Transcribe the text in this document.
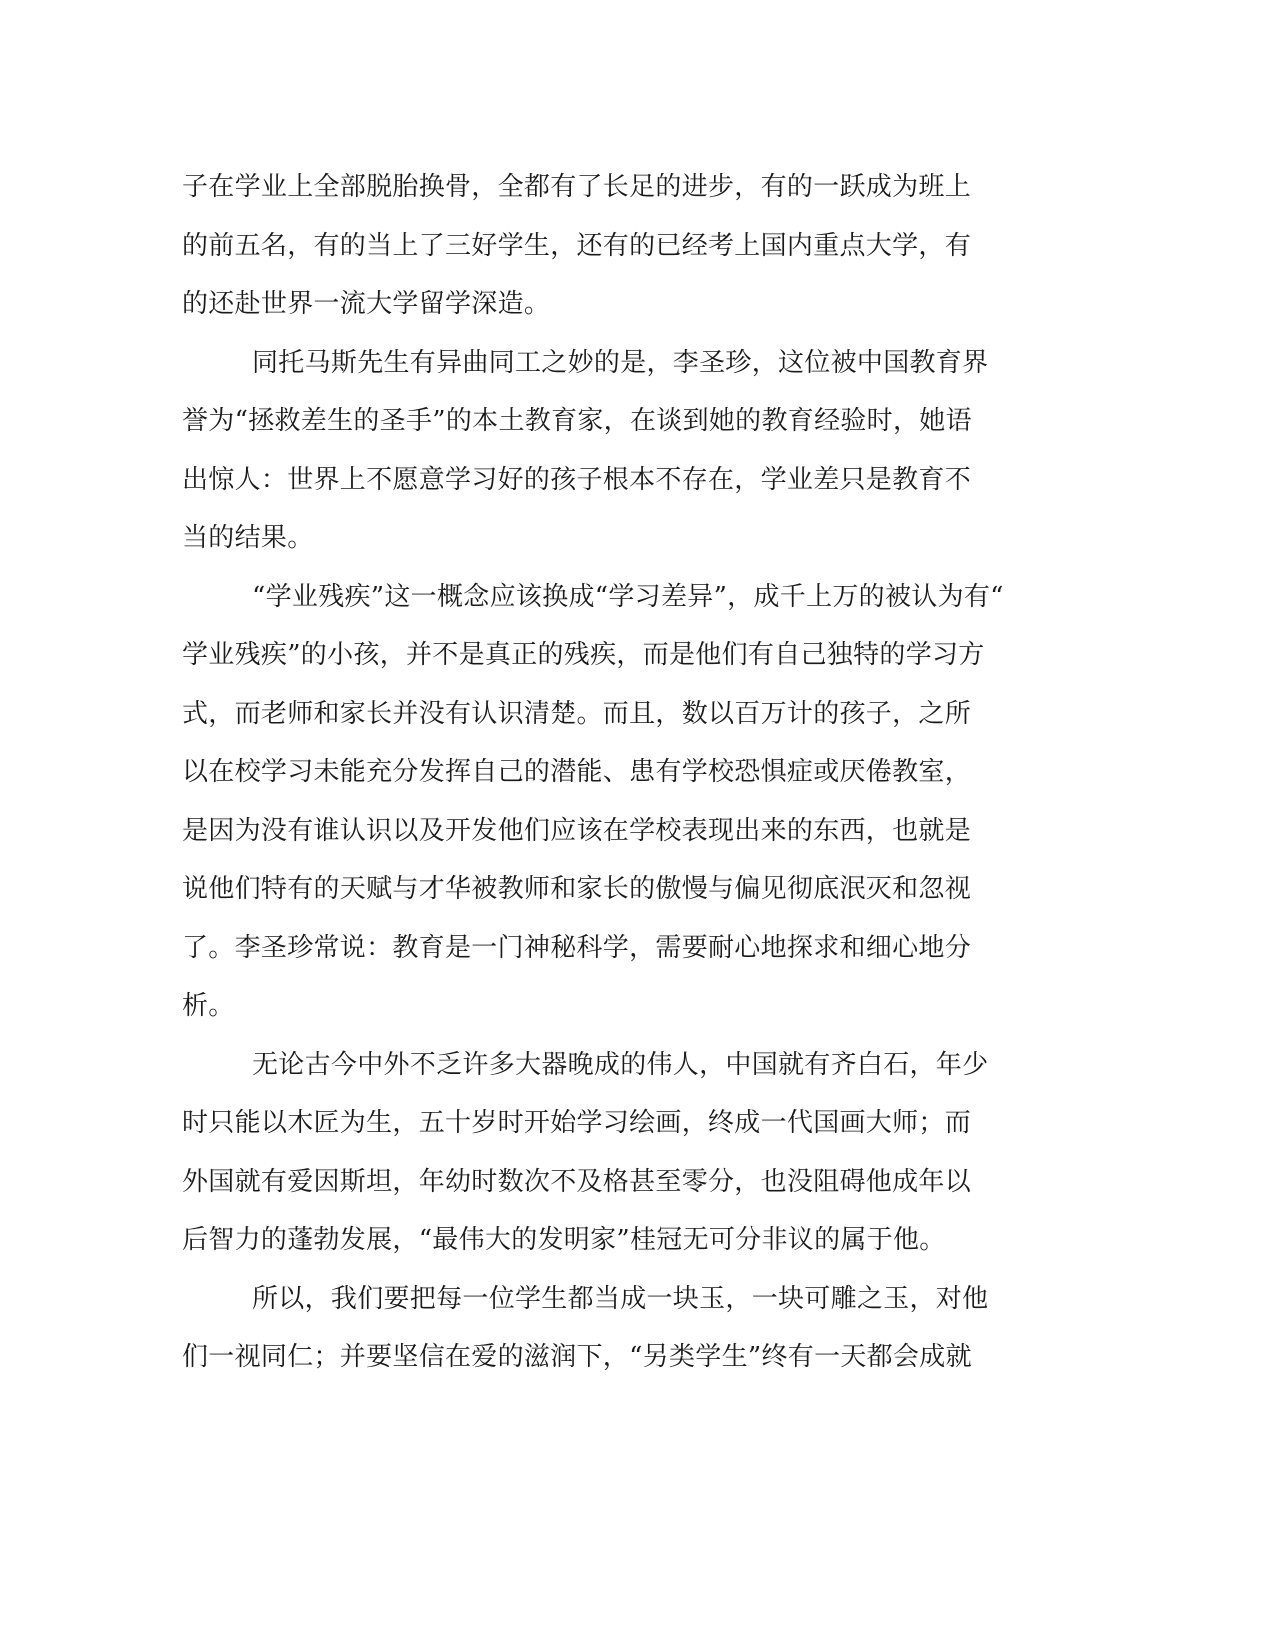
子在学业上全部脱胎换骨，全都有了长足的进步，有的一跃成为班上
的前五名，有的当上了三好学生，还有的已经考上国内重点大学，有
的还赴世界一流大学留学深造。
同托马斯先生有异曲同工之妙的是，李圣珍，这位被中国教育界
誉为“拯救差生的圣手”的本土教育家，在谈到她的教育经验时，她语
出惊人：世界上不愿意学习好的孩子根本不存在，学业差只是教育不
当的结果。
“学业残疾”这一概念应该换成“学习差异”，成千上万的被认为有“
学业残疾”的小孩，并不是真正的残疾，而是他们有自己独特的学习方
式，而老师和家长并没有认识清楚。而且，数以百万计的孩子，之所
以在校学习未能充分发挥自己的潜能、患有学校恐惧症或厌倦教室，
是因为没有谁认识以及开发他们应该在学校表现出来的东西，也就是
说他们特有的天赋与才华被教师和家长的傲慢与偏见彻底泯灭和忽视
了。李圣珍常说：教育是一门神秘科学，需要耐心地探求和细心地分
析。
无论古今中外不乏许多大器晚成的伟人，中国就有齐白石，年少
时只能以木匠为生，五十岁时开始学习绘画，终成一代国画大师；而
外国就有爱因斯坦，年幼时数次不及格甚至零分，也没阻碍他成年以
后智力的蓬勃发展，“最伟大的发明家”桂冠无可分非议的属于他。
所以，我们要把每一位学生都当成一块玉，一块可雕之玉，对他
们一视同仁；并要坚信在爱的滋润下，“另类学生”终有一天都会成就
